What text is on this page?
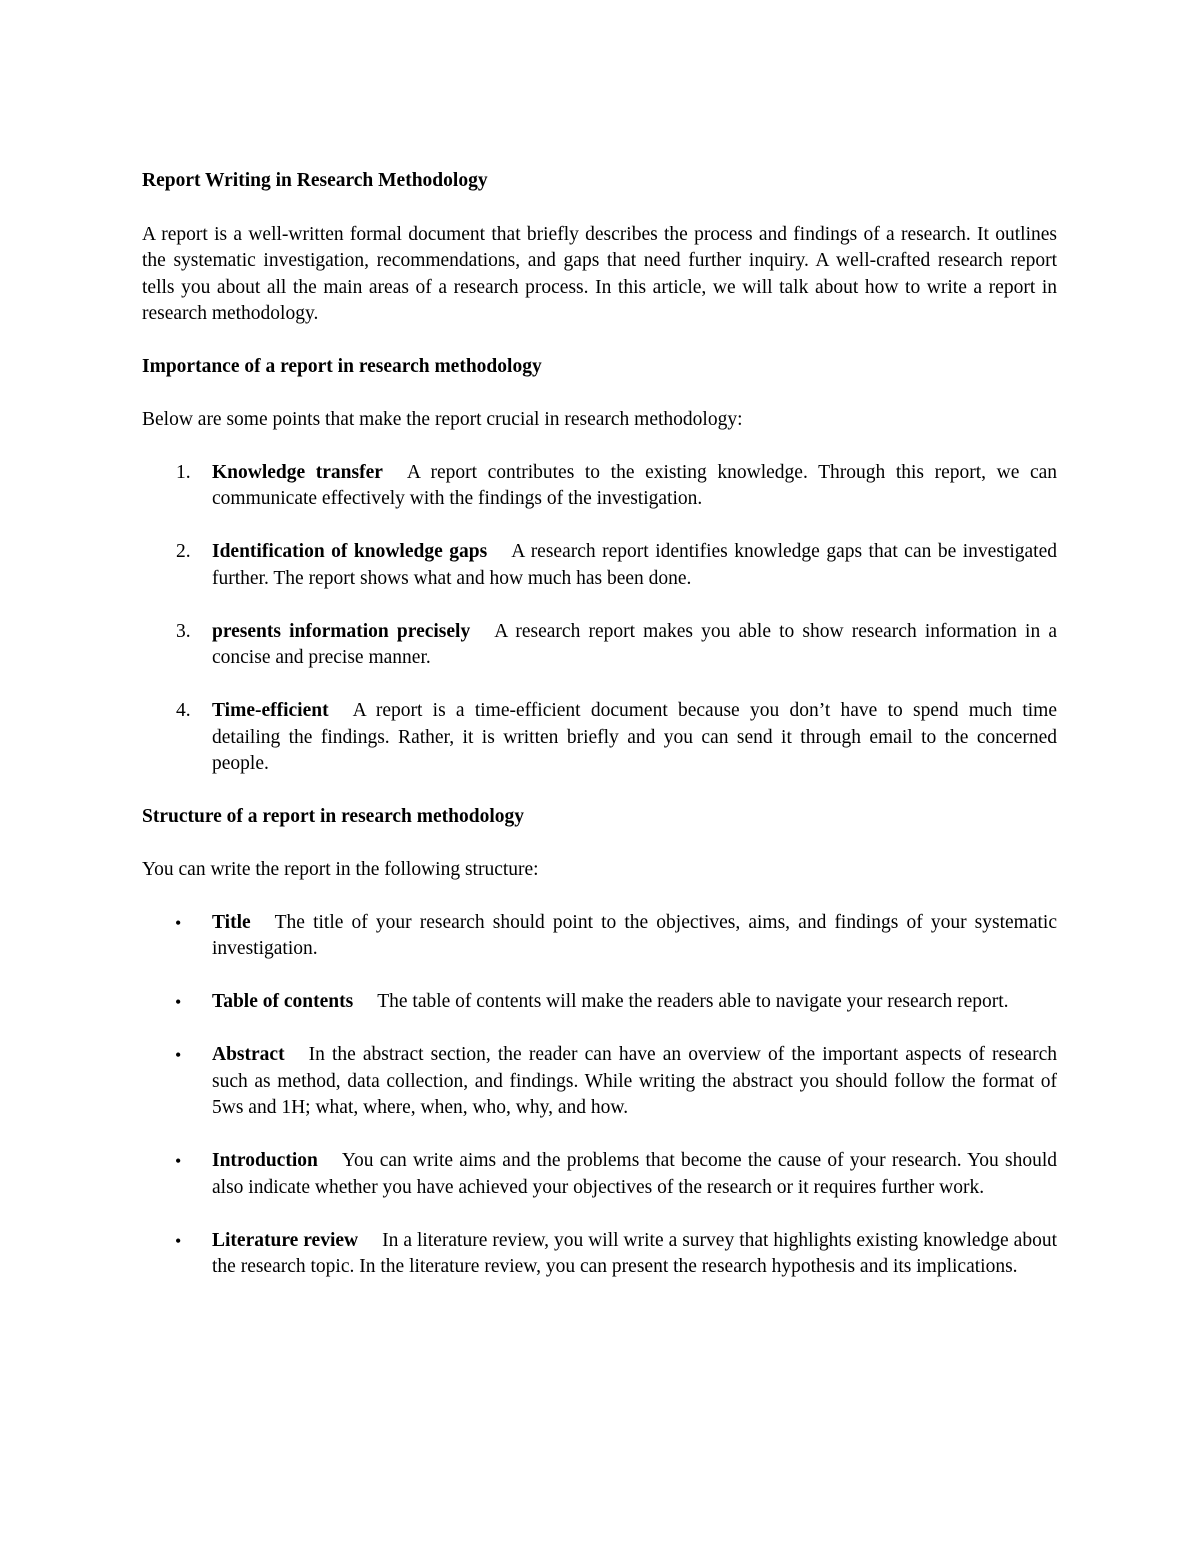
Report Writing in Research Methodology
A report is a well-written formal document that briefly describes the process and findings of a research. It outlines the systematic investigation, recommendations, and gaps that need further inquiry. A well-crafted research report tells you about all the main areas of a research process. In this article, we will talk about how to write a report in research methodology.
Importance of a report in research methodology
Below are some points that make the report crucial in research methodology:
1. Knowledge transfer A report contributes to the existing knowledge. Through this report, we can communicate effectively with the findings of the investigation.
2. Identification of knowledge gaps A research report identifies knowledge gaps that can be investigated further. The report shows what and how much has been done.
3. presents information precisely A research report makes you able to show research information in a concise and precise manner.
4. Time-efficient A report is a time-efficient document because you don’t have to spend much time detailing the findings. Rather, it is written briefly and you can send it through email to the concerned people.
Structure of a report in research methodology
You can write the report in the following structure:
• Title The title of your research should point to the objectives, aims, and findings of your systematic investigation.
• Table of contents The table of contents will make the readers able to navigate your research report.
• Abstract In the abstract section, the reader can have an overview of the important aspects of research such as method, data collection, and findings. While writing the abstract you should follow the format of 5ws and 1H; what, where, when, who, why, and how.
• Introduction You can write aims and the problems that become the cause of your research. You should also indicate whether you have achieved your objectives of the research or it requires further work.
• Literature review In a literature review, you will write a survey that highlights existing knowledge about the research topic. In the literature review, you can present the research hypothesis and its implications.
